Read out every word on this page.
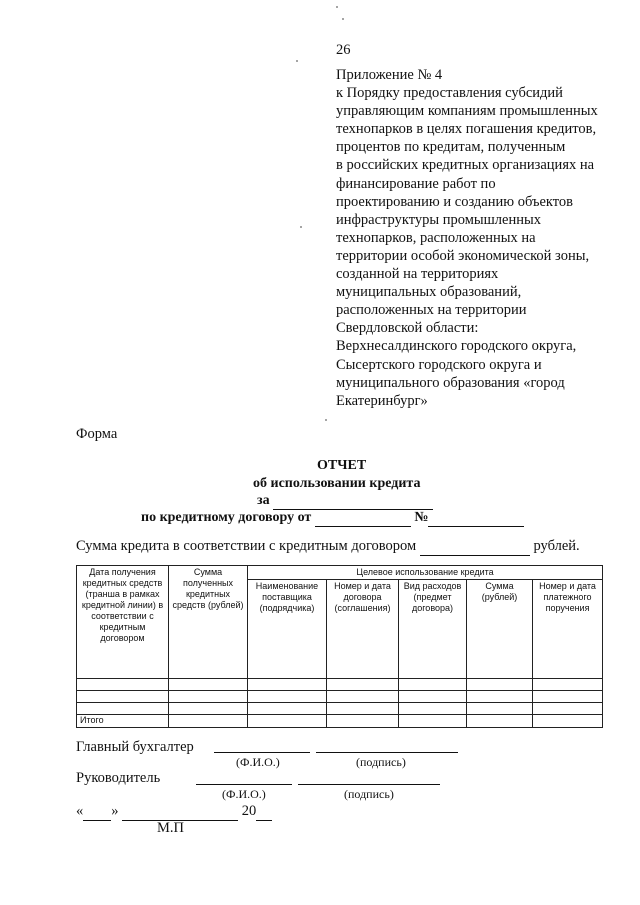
26
Приложение № 4
к Порядку предоставления субсидий
управляющим компаниям промышленных
технопарков в целях погашения кредитов,
процентов по кредитам, полученным
в российских кредитных организациях на
финансирование работ по
проектированию и созданию объектов
инфраструктуры промышленных
технопарков, расположенных на
территории особой экономической зоны,
созданной на территориях
муниципальных образований,
расположенных на территории
Свердловской области:
Верхнесалдинского городского округа,
Сысертского городского округа и
муниципального образования «город
Екатеринбург»
Форма
ОТЧЕТ
об использовании кредита
за
по кредитному договору от	№
Сумма кредита в соответствии с кредитным договором	рублей.
Дата получения кредитных средств (транша в рамках кредитной линии) в соответствии с кредитным договором	Сумма полученных кредитных средств (рублей)	Целевое использование кредита				
		Наименование поставщика (подрядчика)	Номер и дата договора (соглашения)	Вид расходов (предмет договора)	Сумма (рублей)	Номер и дата платежного поручения

Итого						
Главный бухгалтер
(Ф.И.О.)	(подпись)
Руководитель
(Ф.И.О.)	(подпись)
« »	20
М.П
